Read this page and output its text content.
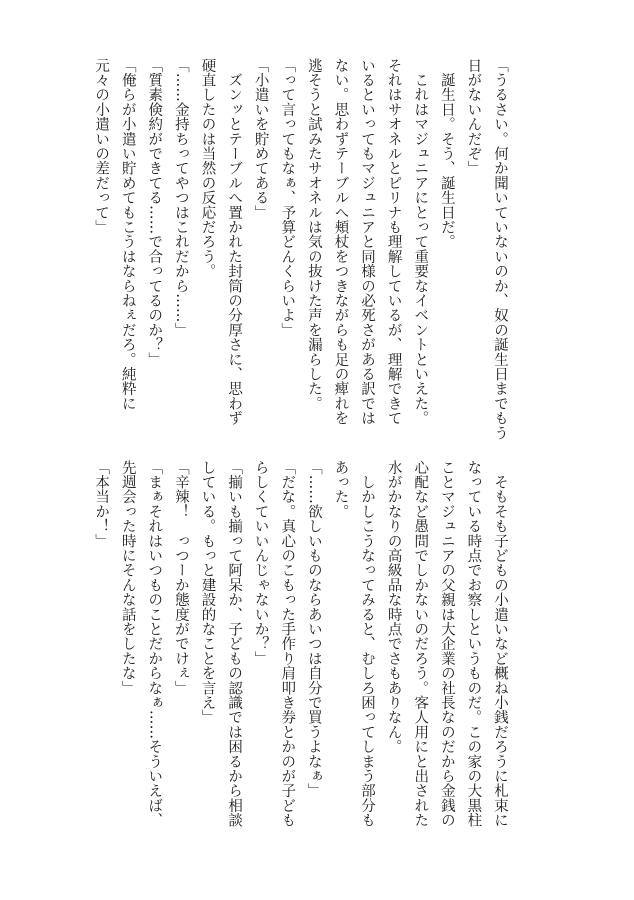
「うるさい。何か聞いていないのか、奴の誕生日までもう
日がないんだぞ」
　誕生日。そう、誕生日だ。
　これはマジュニアにとって重要なイベントといえた。
それはサオネルとピリナも理解しているが、理解できて
いるといってもマジュニアと同様の必死さがある訳では
ない。思わずテーブルへ頬杖をつきながらも足の痺れを
逃そうと試みたサオネルは気の抜けた声を漏らした。
「って言ってもなぁ、予算どんくらいよ」
「小遣いを貯めてある」
　ズンッとテーブルへ置かれた封筒の分厚さに、思わず
硬直したのは当然の反応だろう。
「……金持ちってやつはこれだから……」
「質素倹約ができてる……で合ってるのか？」
「俺らが小遣い貯めてもこうはならねぇだろ。純粋に
元々の小遣いの差だって」
　そもそも子どもの小遣いなど概ね小銭だろうに札束に
なっている時点でお察しというものだ。この家の大黒柱
ことマジュニアの父親は大企業の社長なのだから金銭の
心配など愚問でしかないのだろう。客人用にと出された
水がかなりの高級品な時点でさもありなん。
　しかしこうなってみると、むしろ困ってしまう部分も
あった。
「……欲しいものならあいつは自分で買うよなぁ」
「だな。真心のこもった手作り肩叩き券とかのが子ども
らしくていいんじゃないか？」
「揃いも揃って阿呆か、子どもの認識では困るから相談
している。もっと建設的なことを言え」
「辛辣！　っつーか態度がでけぇ」
「まぁそれはいつものことだからなぁ……そういえば、
先週会った時にそんな話をしたな」
「本当か！」
